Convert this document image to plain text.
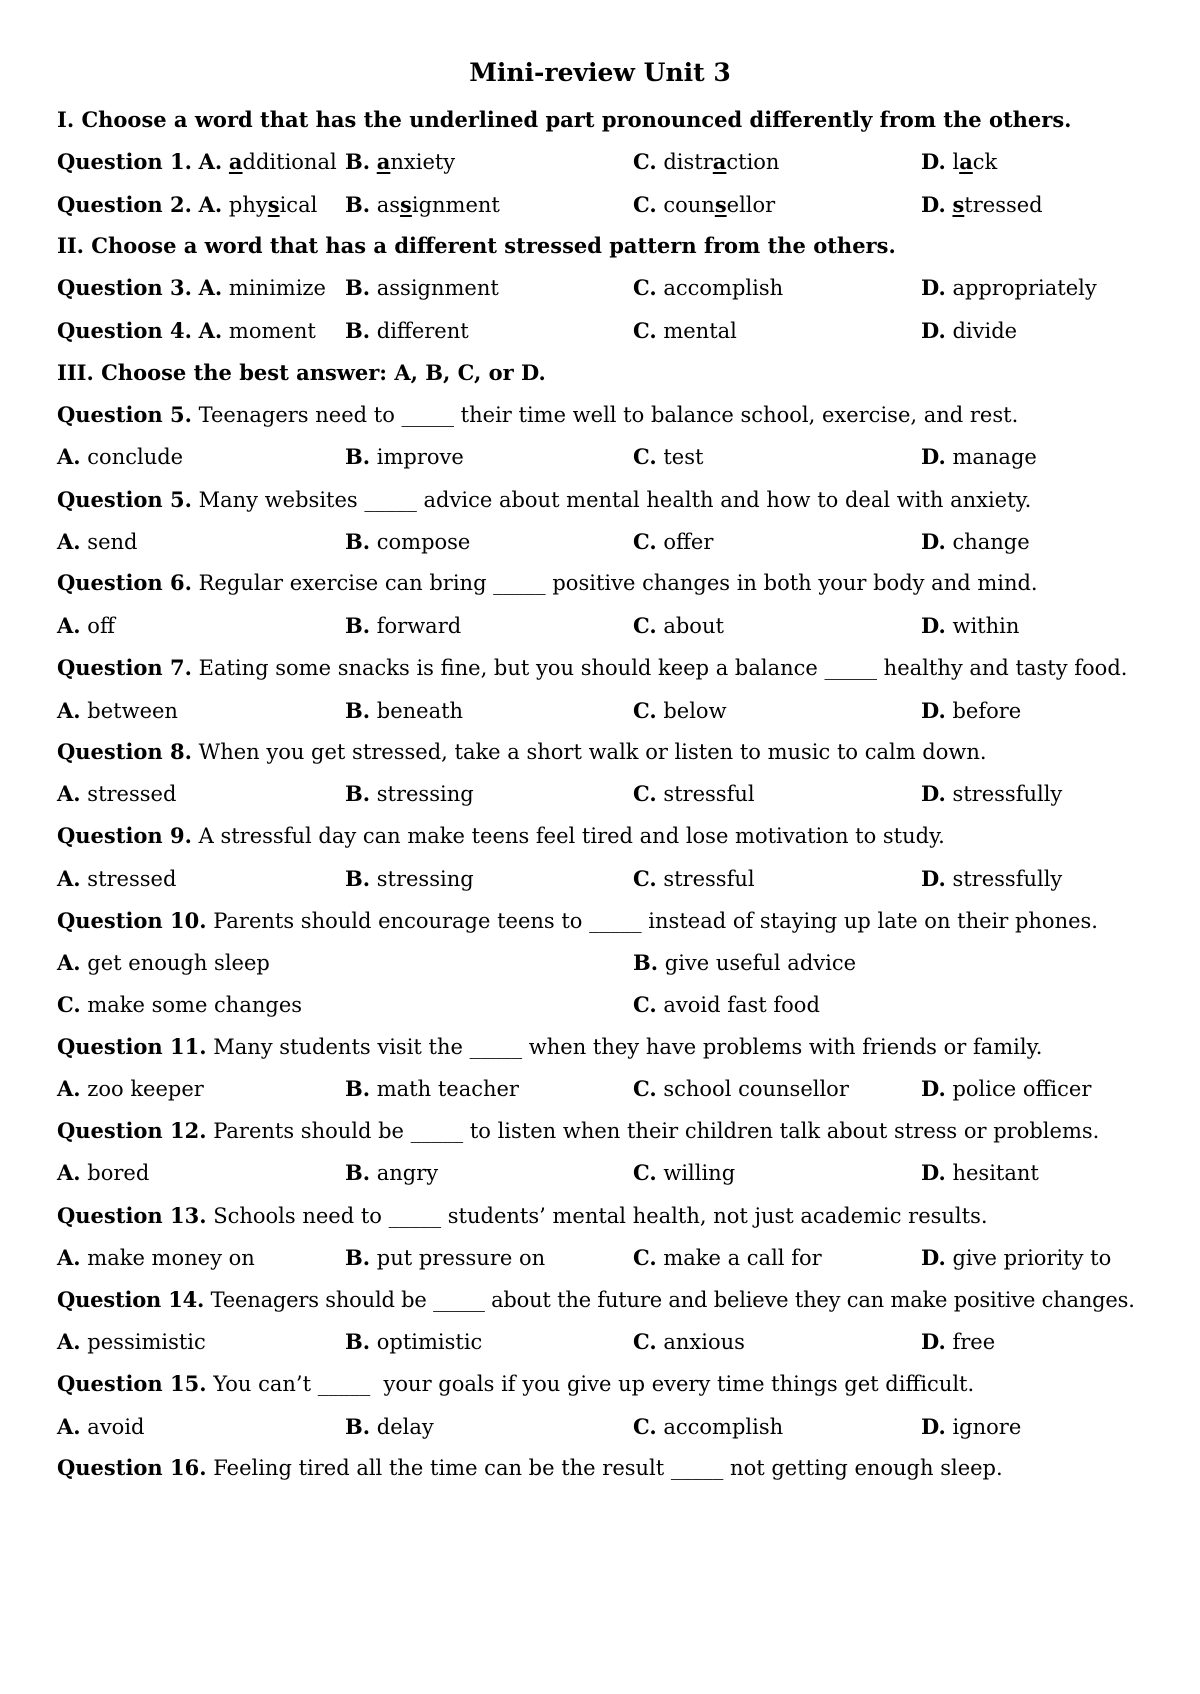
Mini-review Unit 3
I. Choose a word that has the underlined part pronounced differently from the others.
Question 1. A. additional B. anxiety	C. distraction	D. lack
Question 2. A. physical B. assignment	C. counsellor	D. stressed
II. Choose a word that has a different stressed pattern from the others.
Question 3. A. minimize B. assignment	C. accomplish	D. appropriately
Question 4. A. moment B. different	C. mental	D. divide
III. Choose the best answer: A, B, C, or D.
Question 5. Teenagers need to _____ their time well to balance school, exercise, and rest.
A. conclude	B. improve	C. test	D. manage
Question 5. Many websites _____ advice about mental health and how to deal with anxiety.
A. send	B. compose	C. offer	D. change
Question 6. Regular exercise can bring _____ positive changes in both your body and mind.
A. off	B. forward	C. about	D. within
Question 7. Eating some snacks is fine, but you should keep a balance _____ healthy and tasty food.
A. between	B. beneath	C. below	D. before
Question 8. When you get stressed, take a short walk or listen to music to calm down.
A. stressed	B. stressing	C. stressful	D. stressfully
Question 9. A stressful day can make teens feel tired and lose motivation to study.
A. stressed	B. stressing	C. stressful	D. stressfully
Question 10. Parents should encourage teens to _____ instead of staying up late on their phones.
A. get enough sleep	B. give useful advice
C. make some changes	C. avoid fast food
Question 11. Many students visit the _____ when they have problems with friends or family.
A. zoo keeper	B. math teacher	C. school counsellor	D. police officer
Question 12. Parents should be _____ to listen when their children talk about stress or problems.
A. bored	B. angry	C. willing	D. hesitant
Question 13. Schools need to _____ students’ mental health, not just academic results.
A. make money on	B. put pressure on	C. make a call for	D. give priority to
Question 14. Teenagers should be _____ about the future and believe they can make positive changes.
A. pessimistic	B. optimistic	C. anxious	D. free
Question 15. You can’t _____  your goals if you give up every time things get difficult.
A. avoid	B. delay	C. accomplish	D. ignore
Question 16. Feeling tired all the time can be the result _____ not getting enough sleep.
